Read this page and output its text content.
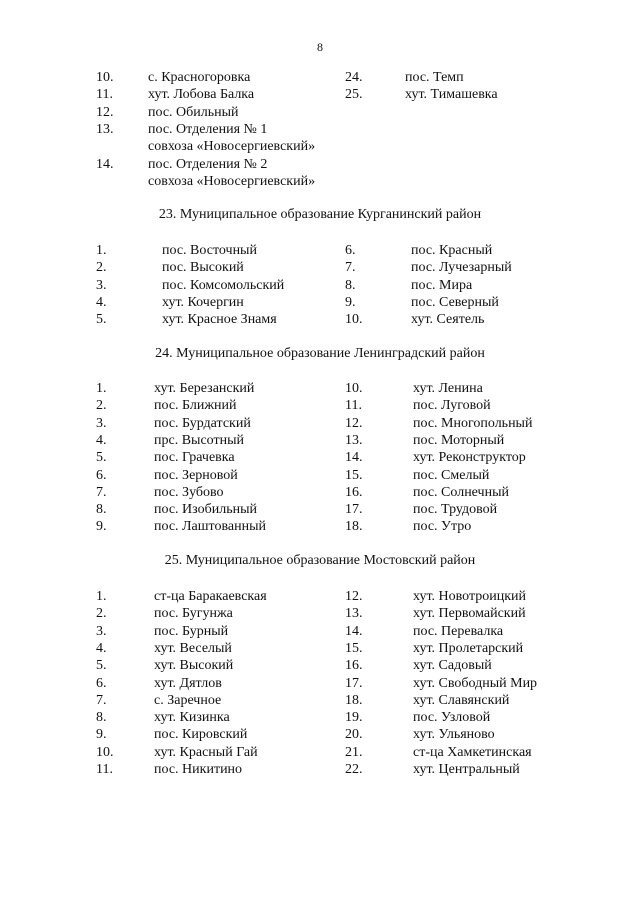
8
10. с. Красногоровка
11.	хут. Лобова Балка
12. пос. Обильный
13. пос. Отделения № 1
совхоза «Новосергиевский»
14. пос. Отделения № 2
совхоза «Новосергиевский»
24.	пос. Темп
25.	хут. Тимашевка
23. Муниципальное образование Курганинский район
1.	пос. Восточный
2.	пос. Высокий
3.	пос. Комсомольский
4.	хут. Кочергин
5.	хут. Красное Знамя
6.	пос. Красный
7.	пос. Лучезарный
8.	пос. Мира
9.	пос. Северный
10.	хут. Сеятель
24. Муниципальное образование Ленинградский район
1.	хут. Березанский
2.	пос. Ближний
3.	пос. Бурдатский
4.	прс. Высотный
5.	пос. Грачевка
6.	пос. Зерновой
7.	пос. Зубово
8.	пос. Изобильный
9.	пос. Лаштованный
10.	хут. Ленина
11.	пос. Луговой
12.	пос. Многопольный
13.	пос. Моторный
14.	хут. Реконструктор
15.	пос. Смелый
16.	пос. Солнечный
17.	пос. Трудовой
18.	пос. Утро
25. Муниципальное образование Мостовский район
1.	ст-ца Баракаевская
2.	пос. Бугунжа
3.	пос. Бурный
4.	хут. Веселый
5.	хут. Высокий
6.	хут. Дятлов
7.	с. Заречное
8.	хут. Кизинка
9.	пос. Кировский
10.	хут. Красный Гай
11.	пос. Никитино
12.	хут. Новотроицкий
13.	хут. Первомайский
14.	пос. Перевалка
15.	хут. Пролетарский
16.	хут. Садовый
17.	хут. Свободный Мир
18.	хут. Славянский
19.	пос. Узловой
20.	хут. Ульяново
21.	ст-ца Хамкетинская
22.	хут. Центральный
